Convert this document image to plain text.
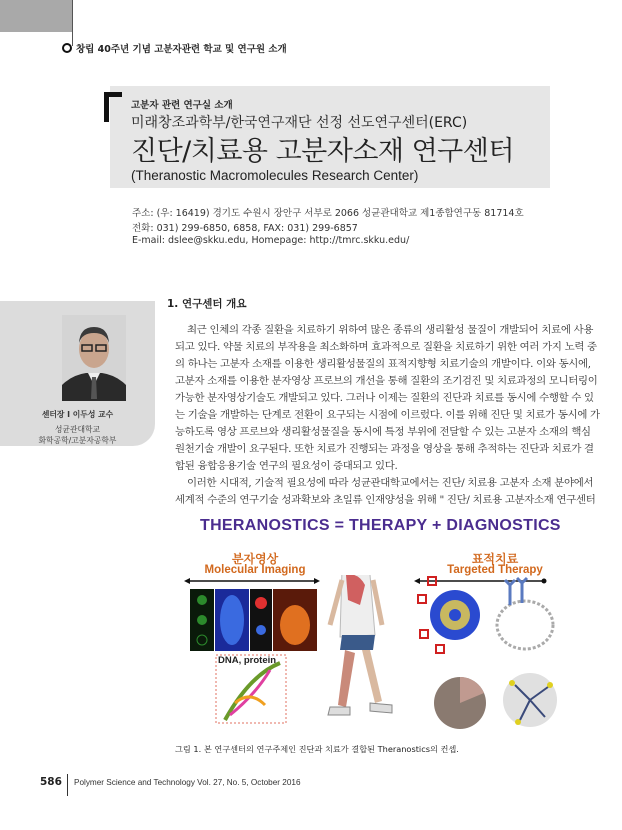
창립 40주년 기념 고분자관련 학교 및 연구원 소개
고분자 관련 연구실 소개
미래창조과학부/한국연구재단 선정 선도연구센터(ERC)
진단/치료용 고분자소재 연구센터
(Theranostic Macromolecules Research Center)
주소: (우: 16419) 경기도 수원시 장안구 서부로 2066 성균관대학교 제1종합연구동 81714호
전화: 031) 299-6850, 6858, FAX: 031) 299-6857
E-mail: dslee@skku.edu, Homepage: http://tmrc.skku.edu/
센터장 I 이두성 교수
성균관대학교
화학공학/고분자공학부
1. 연구센터 개요
최근 인체의 각종 질환을 치료하기 위하여 많은 종류의 생리활성 물질이 개발되어 치료에 사용
되고 있다. 약물 치료의 부작용을 최소화하며 효과적으로 질환을 치료하기 위한 여러 가지 노력 중
의 하나는 고분자 소재를 이용한 생리활성물질의 표적지향형 치료기술의 개발이다. 이와 동시에,
고분자 소재를 이용한 분자영상 프로브의 개선을 통해 질환의 조기검진 및 치료과정의 모니터링이
가능한 분자영상기술도 개발되고 있다. 그러나 이제는 질환의 진단과 치료를 동시에 수행할 수 있
는 기술을 개발하는 단계로 전환이 요구되는 시점에 이르렀다. 이를 위해 진단 및 치료가 동시에 가
능하도록 영상 프로브와 생리활성물질을 동시에 특정 부위에 전달할 수 있는 고분자 소재의 핵심
원천기술 개발이 요구된다. 또한 치료가 진행되는 과정을 영상을 통해 추적하는 진단과 치료가 결
합된 융합응용기술 연구의 필요성이 증대되고 있다.
이러한 시대적, 기술적 필요성에 따라 성균관대학교에서는 진단/ 치료용 고분자 소재 분야에서
세계적 수준의 연구기술 성과확보와 초일류 인재양성을 위해 " 진단/ 치료용 고분자소재 연구센터
THERANOSTICS = THERAPY + DIAGNOSTICS
분자영상
Molecular Imaging
표적치료
Targeted Therapy
DNA, protein
그림 1. 본 연구센터의 연구주제인 진단과 치료가 결합된 Theranostics의 컨셉.
586 Polymer Science and Technology Vol. 27, No. 5, October 2016
